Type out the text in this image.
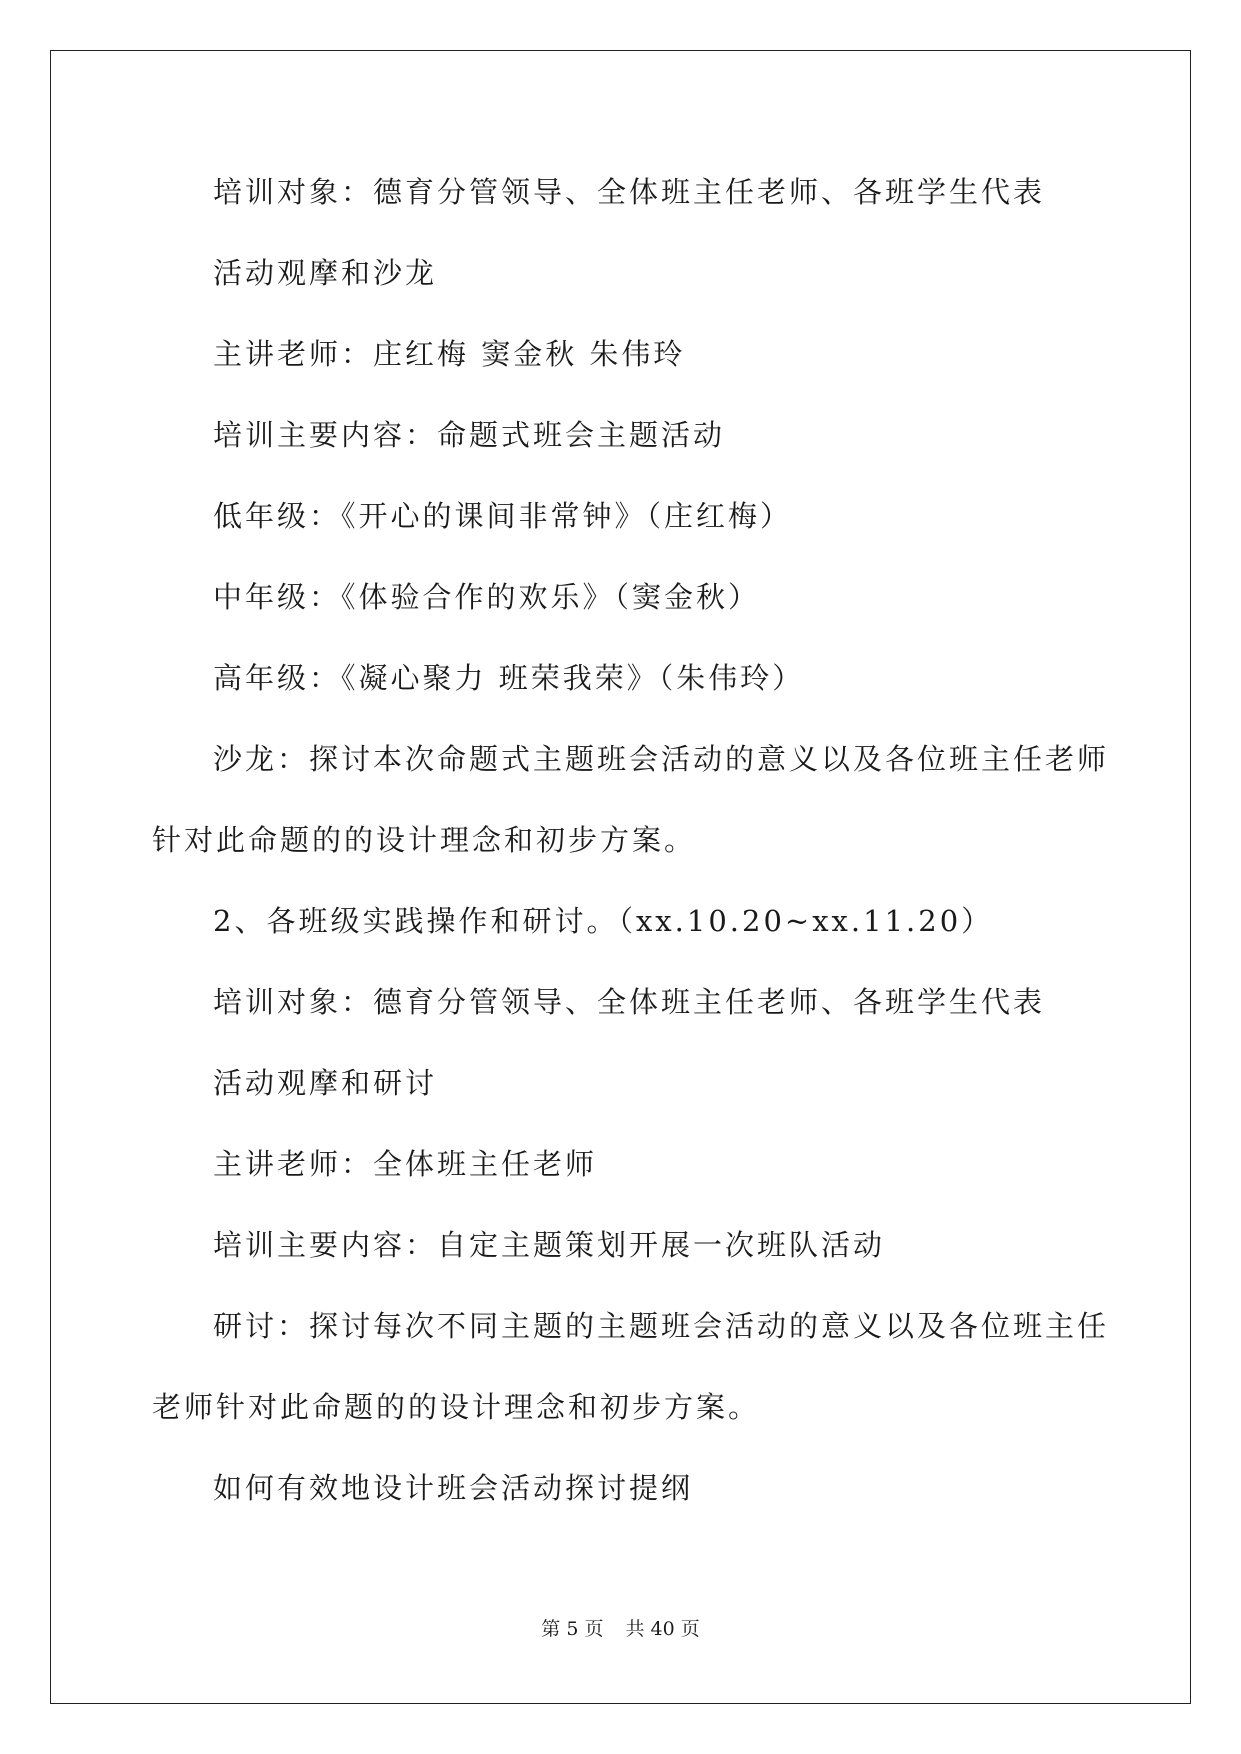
培训对象：德育分管领导、全体班主任老师、各班学生代表
活动观摩和沙龙
主讲老师：庄红梅 窦金秋 朱伟玲
培训主要内容：命题式班会主题活动
低年级：《开心的课间非常钟》（庄红梅）
中年级：《体验合作的欢乐》（窦金秋）
高年级：《凝心聚力 班荣我荣》（朱伟玲）
沙龙：探讨本次命题式主题班会活动的意义以及各位班主任老师
针对此命题的的设计理念和初步方案。
2、各班级实践操作和研讨。（xx.10.20~xx.11.20）
培训对象：德育分管领导、全体班主任老师、各班学生代表
活动观摩和研讨
主讲老师：全体班主任老师
培训主要内容：自定主题策划开展一次班队活动
研讨：探讨每次不同主题的主题班会活动的意义以及各位班主任
老师针对此命题的的设计理念和初步方案。
如何有效地设计班会活动探讨提纲
第 5 页 共 40 页
